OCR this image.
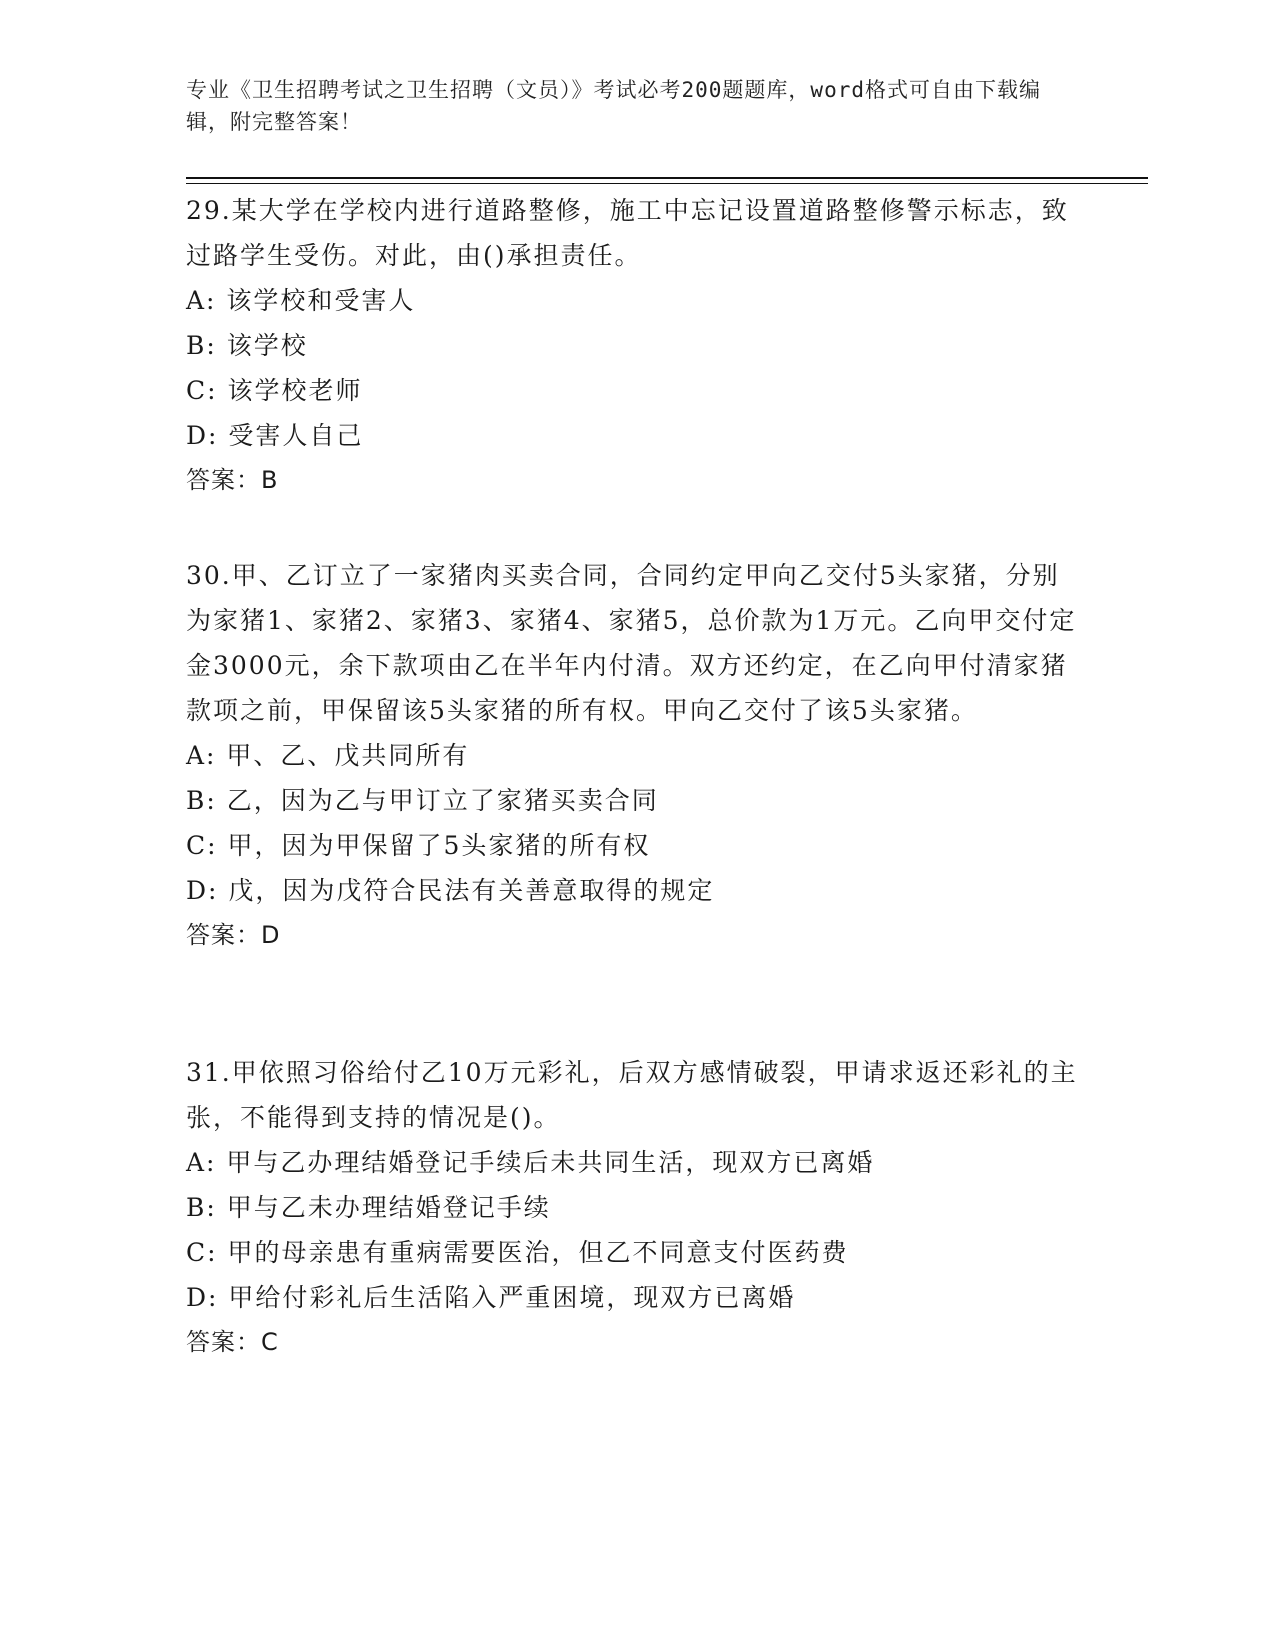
专业《卫生招聘考试之卫生招聘（文员）》考试必考200题题库，word格式可自由下载编辑，附完整答案！

29.某大学在学校内进行道路整修，施工中忘记设置道路整修警示标志，致过路学生受伤。对此，由()承担责任。

A: 该学校和受害人
B: 该学校
C: 该学校老师
D: 受害人自己
答案：B

30.甲、乙订立了一家猪肉买卖合同，合同约定甲向乙交付5头家猪，分别为家猪1、家猪2、家猪3、家猪4、家猪5，总价款为1万元。乙向甲交付定金3000元，余下款项由乙在半年内付清。双方还约定，在乙向甲付清家猪款项之前，甲保留该5头家猪的所有权。甲向乙交付了该5头家猪。

A: 甲、乙、戊共同所有
B: 乙，因为乙与甲订立了家猪买卖合同
C: 甲，因为甲保留了5头家猪的所有权
D: 戊，因为戊符合民法有关善意取得的规定
答案：D

31.甲依照习俗给付乙10万元彩礼，后双方感情破裂，甲请求返还彩礼的主张，不能得到支持的情况是()。

A: 甲与乙办理结婚登记手续后未共同生活，现双方已离婚
B: 甲与乙未办理结婚登记手续
C: 甲的母亲患有重病需要医治，但乙不同意支付医药费
D: 甲给付彩礼后生活陷入严重困境，现双方已离婚
答案：C
